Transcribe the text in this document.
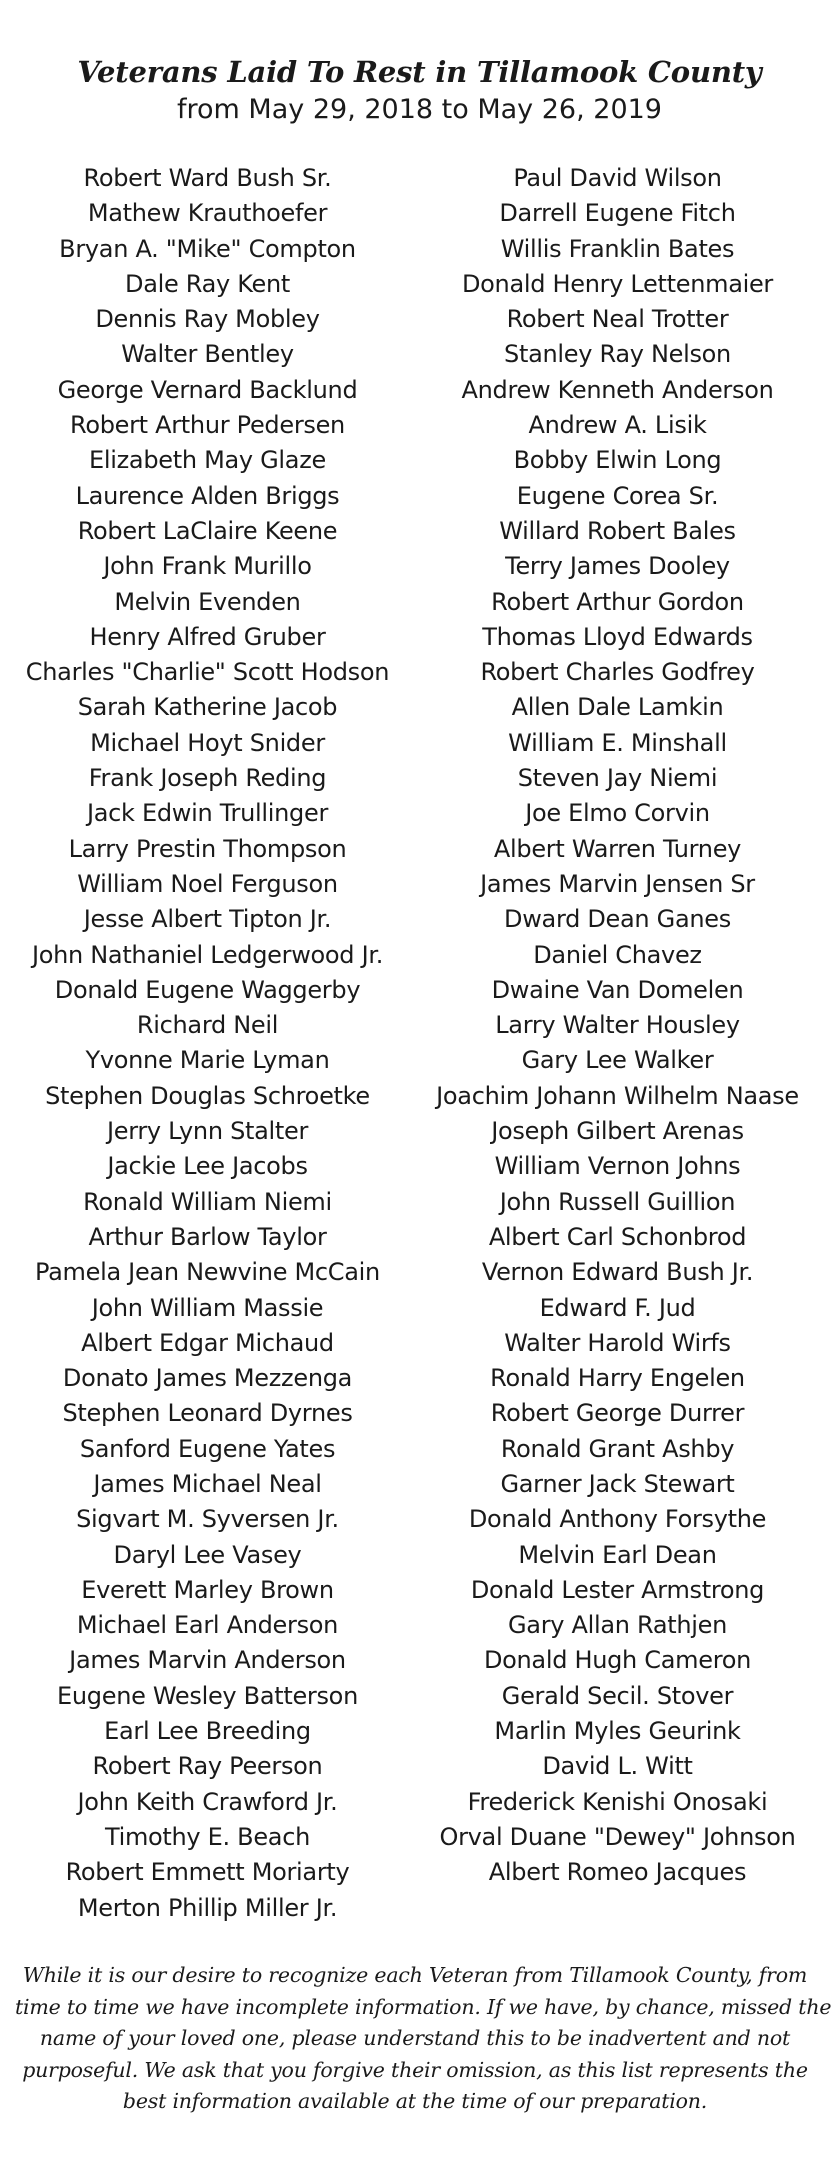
Veterans Laid To Rest in Tillamook County
from May 29, 2018 to May 26, 2019
Robert Ward Bush Sr.
Mathew Krauthoefer
Bryan A. "Mike" Compton
Dale Ray Kent
Dennis Ray Mobley
Walter Bentley
George Vernard Backlund
Robert Arthur Pedersen
Elizabeth May Glaze
Laurence Alden Briggs
Robert LaClaire Keene
John Frank Murillo
Melvin Evenden
Henry Alfred Gruber
Charles "Charlie" Scott Hodson
Sarah Katherine Jacob
Michael Hoyt Snider
Frank Joseph Reding
Jack Edwin Trullinger
Larry Prestin Thompson
William Noel Ferguson
Jesse Albert Tipton Jr.
John Nathaniel Ledgerwood Jr.
Donald Eugene Waggerby
Richard Neil
Yvonne Marie Lyman
Stephen Douglas Schroetke
Jerry Lynn Stalter
Jackie Lee Jacobs
Ronald William Niemi
Arthur Barlow Taylor
Pamela Jean Newvine McCain
John William Massie
Albert Edgar Michaud
Donato James Mezzenga
Stephen Leonard Dyrnes
Sanford Eugene Yates
James Michael Neal
Sigvart M. Syversen Jr.
Daryl Lee Vasey
Everett Marley Brown
Michael Earl Anderson
James Marvin Anderson
Eugene Wesley Batterson
Earl Lee Breeding
Robert Ray Peerson
John Keith Crawford Jr.
Timothy E. Beach
Robert Emmett Moriarty
Merton Phillip Miller Jr.
Paul David Wilson
Darrell Eugene Fitch
Willis Franklin Bates
Donald Henry Lettenmaier
Robert Neal Trotter
Stanley Ray Nelson
Andrew Kenneth Anderson
Andrew A. Lisik
Bobby Elwin Long
Eugene Corea Sr.
Willard Robert Bales
Terry James Dooley
Robert Arthur Gordon
Thomas Lloyd Edwards
Robert Charles Godfrey
Allen Dale Lamkin
William E. Minshall
Steven Jay Niemi
Joe Elmo Corvin
Albert Warren Turney
James Marvin Jensen Sr
Dward Dean Ganes
Daniel Chavez
Dwaine Van Domelen
Larry Walter Housley
Gary Lee Walker
Joachim Johann Wilhelm Naase
Joseph Gilbert Arenas
William Vernon Johns
John Russell Guillion
Albert Carl Schonbrod
Vernon Edward Bush Jr.
Edward F. Jud
Walter Harold Wirfs
Ronald Harry Engelen
Robert George Durrer
Ronald Grant Ashby
Garner Jack Stewart
Donald Anthony Forsythe
Melvin Earl Dean
Donald Lester Armstrong
Gary Allan Rathjen
Donald Hugh Cameron
Gerald Secil. Stover
Marlin Myles Geurink
David L. Witt
Frederick Kenishi Onosaki
Orval Duane "Dewey" Johnson
Albert Romeo Jacques
While it is our desire to recognize each Veteran from Tillamook County, from
time to time we have incomplete information. If we have, by chance, missed the
name of your loved one, please understand this to be inadvertent and not
purposeful. We ask that you forgive their omission, as this list represents the
best information available at the time of our preparation.
